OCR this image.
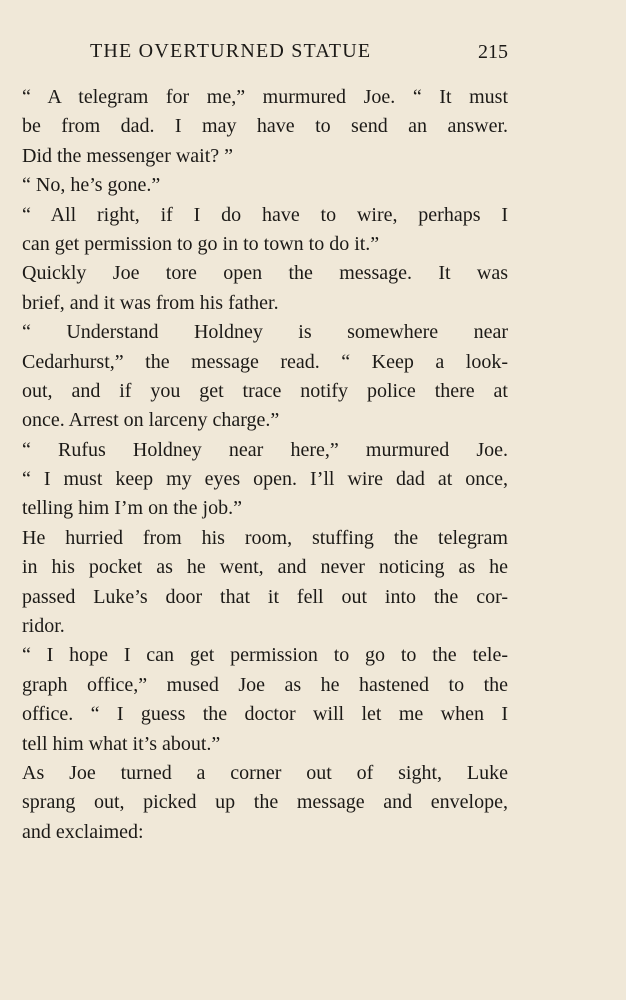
THE OVERTURNED STATUE	215
“ A telegram for me,” murmured Joe. “ It must
be from dad. I may have to send an answer.
Did the messenger wait? ”
“ No, he’s gone.”
“ All right, if I do have to wire, perhaps I
can get permission to go in to town to do it.”
Quickly Joe tore open the message. It was
brief, and it was from his father.
“ Understand Holdney is somewhere near
Cedarhurst,” the message read. “ Keep a look-
out, and if you get trace notify police there at
once. Arrest on larceny charge.”
“ Rufus Holdney near here,” murmured Joe.
“ I must keep my eyes open. I’ll wire dad at once,
telling him I’m on the job.”
He hurried from his room, stuffing the telegram
in his pocket as he went, and never noticing as he
passed Luke’s door that it fell out into the cor-
ridor.
“ I hope I can get permission to go to the tele-
graph office,” mused Joe as he hastened to the
office. “ I guess the doctor will let me when I
tell him what it’s about.”
As Joe turned a corner out of sight, Luke
sprang out, picked up the message and envelope,
and exclaimed:
